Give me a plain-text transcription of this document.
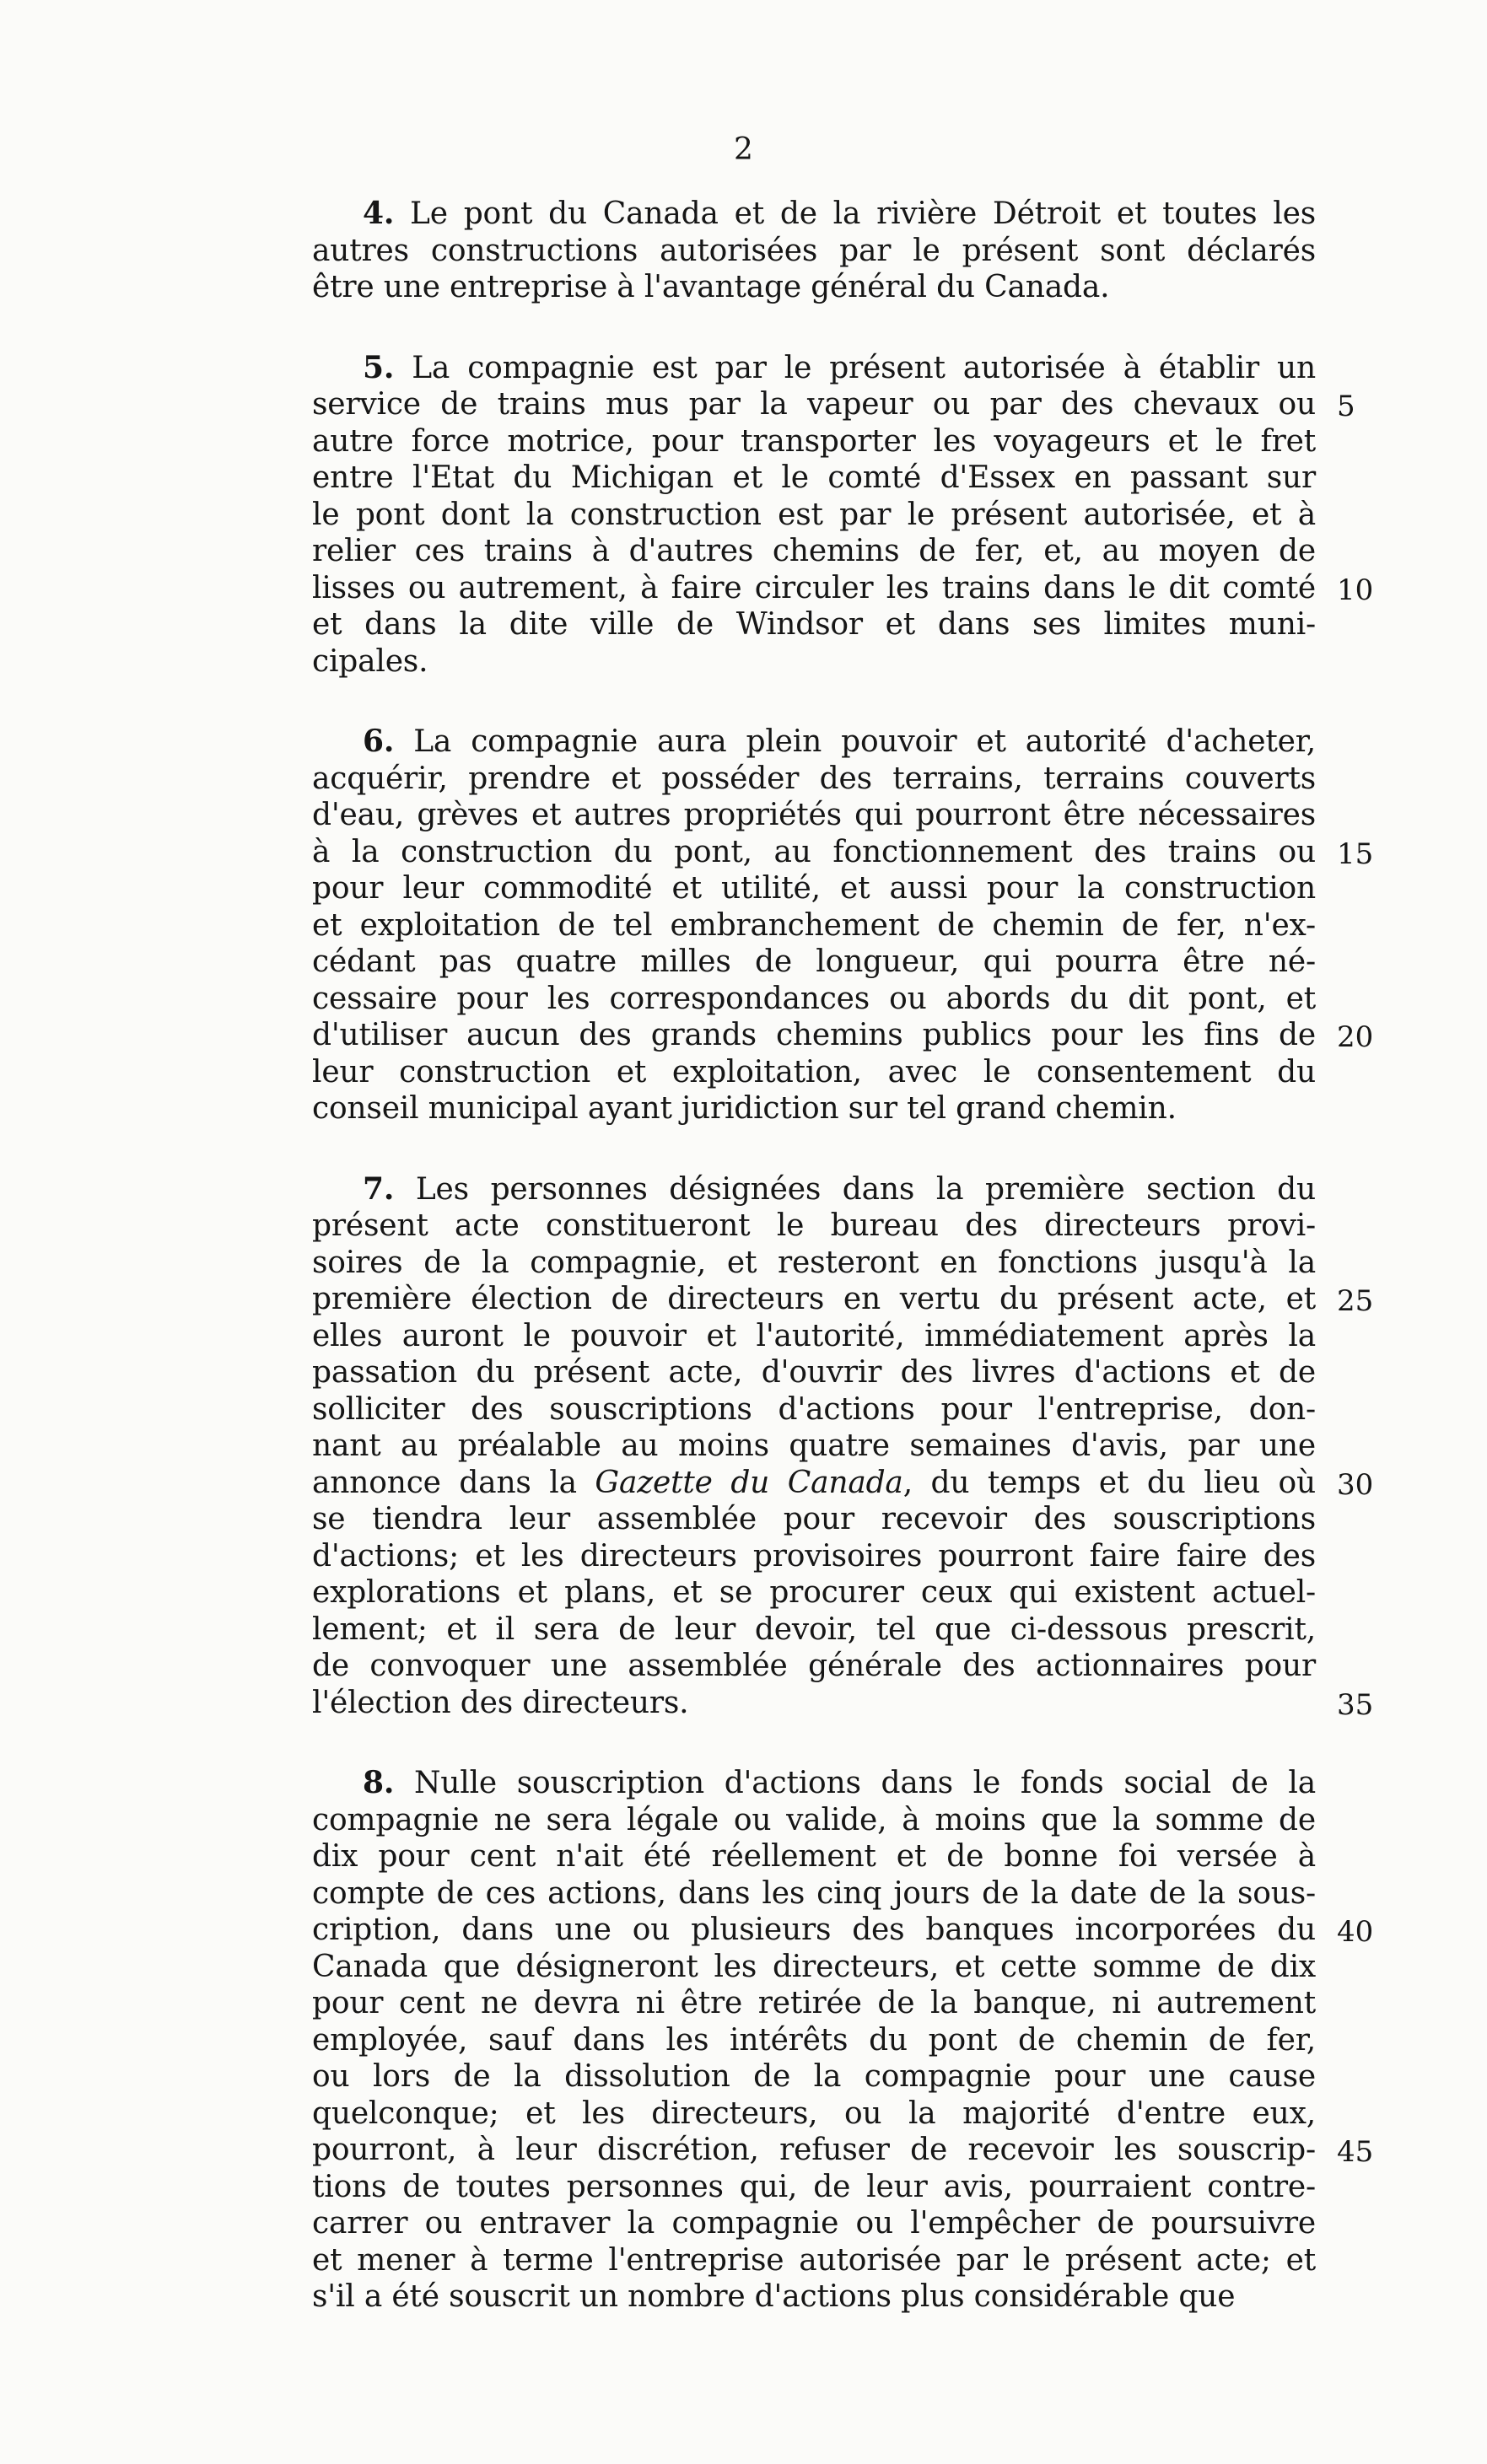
2
4. Le pont du Canada et de la rivière Détroit et toutes les
autres constructions autorisées par le présent sont déclarés
être une entreprise à l'avantage général du Canada.
5. La compagnie est par le présent autorisée à établir un
service de trains mus par la vapeur ou par des chevaux ou
autre force motrice, pour transporter les voyageurs et le fret
entre l'Etat du Michigan et le comté d'Essex en passant sur
le pont dont la construction est par le présent autorisée, et à
relier ces trains à d'autres chemins de fer, et, au moyen de
lisses ou autrement, à faire circuler les trains dans le dit comté
et dans la dite ville de Windsor et dans ses limites muni-
cipales.
6. La compagnie aura plein pouvoir et autorité d'acheter,
acquérir, prendre et posséder des terrains, terrains couverts
d'eau, grèves et autres propriétés qui pourront être nécessaires
à la construction du pont, au fonctionnement des trains ou
pour leur commodité et utilité, et aussi pour la construction
et exploitation de tel embranchement de chemin de fer, n'ex-
cédant pas quatre milles de longueur, qui pourra être né-
cessaire pour les correspondances ou abords du dit pont, et
d'utiliser aucun des grands chemins publics pour les fins de
leur construction et exploitation, avec le consentement du
conseil municipal ayant juridiction sur tel grand chemin.
7. Les personnes désignées dans la première section du
présent acte constitueront le bureau des directeurs provi-
soires de la compagnie, et resteront en fonctions jusqu'à la
première élection de directeurs en vertu du présent acte, et
elles auront le pouvoir et l'autorité, immédiatement après la
passation du présent acte, d'ouvrir des livres d'actions et de
solliciter des souscriptions d'actions pour l'entreprise, don-
nant au préalable au moins quatre semaines d'avis, par une
annonce dans la Gazette du Canada, du temps et du lieu où
se tiendra leur assemblée pour recevoir des souscriptions
d'actions; et les directeurs provisoires pourront faire faire des
explorations et plans, et se procurer ceux qui existent actuel-
lement; et il sera de leur devoir, tel que ci-dessous prescrit,
de convoquer une assemblée générale des actionnaires pour
l'élection des directeurs.
8. Nulle souscription d'actions dans le fonds social de la
compagnie ne sera légale ou valide, à moins que la somme de
dix pour cent n'ait été réellement et de bonne foi versée à
compte de ces actions, dans les cinq jours de la date de la sous-
cription, dans une ou plusieurs des banques incorporées du
Canada que désigneront les directeurs, et cette somme de dix
pour cent ne devra ni être retirée de la banque, ni autrement
employée, sauf dans les intérêts du pont de chemin de fer,
ou lors de la dissolution de la compagnie pour une cause
quelconque; et les directeurs, ou la majorité d'entre eux,
pourront, à leur discrétion, refuser de recevoir les souscrip-
tions de toutes personnes qui, de leur avis, pourraient contre-
carrer ou entraver la compagnie ou l'empêcher de poursuivre
et mener à terme l'entreprise autorisée par le présent acte; et
s'il a été souscrit un nombre d'actions plus considérable que
5
10
15
20
25
30
35
40
45
